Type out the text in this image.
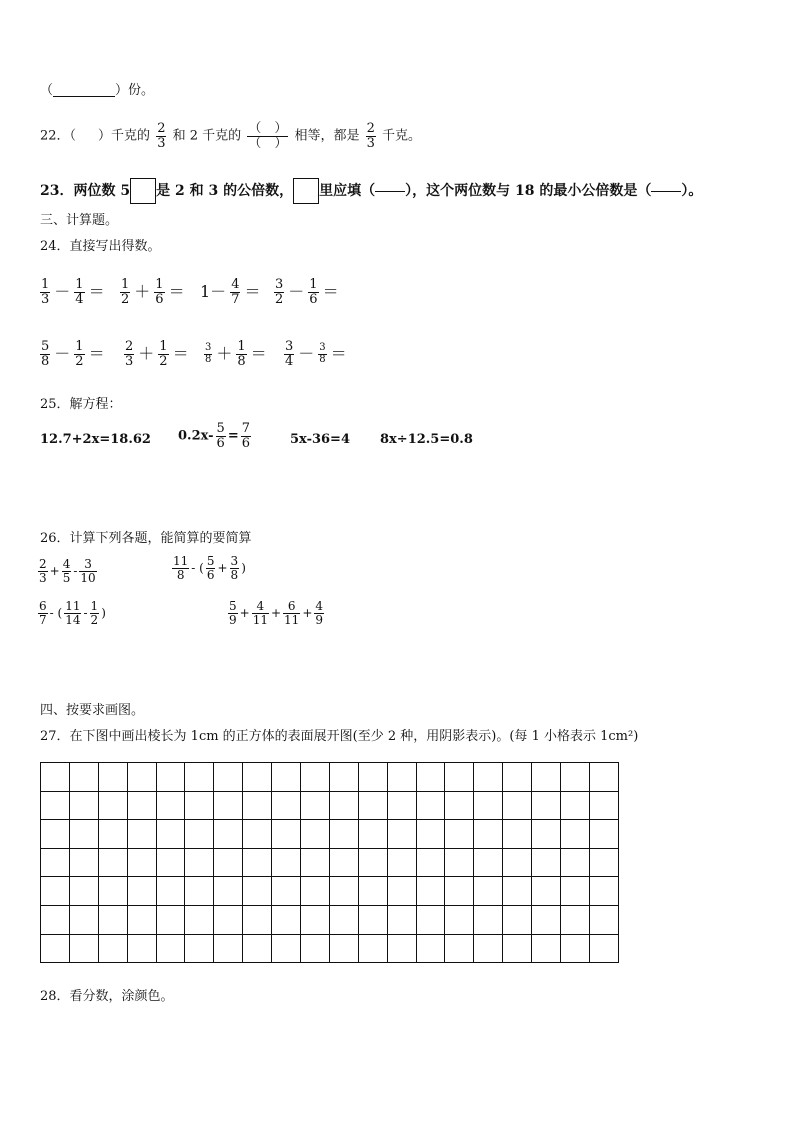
（	）份。
22．（ ）千克的 $\frac{2}{3}$ 和 2 千克的 $\frac{( )}{( )}$ 相等，都是 $\frac{2}{3}$ 千克。
23．两位数 5 是 2 和 3 的公倍数， 里应填（ ），这个两位数与 18 的最小公倍数是（ ）。
三、计算题。
24．直接写出得数。
$\frac{1}{3} - \frac{1}{4} = \frac{1}{2} + \frac{1}{6} = 1- \frac{4}{7} = \frac{3}{2} - \frac{1}{6}$ ＝
$\frac{5}{8} - \frac{1}{2} = \frac{2}{3} + \frac{1}{2} = \frac{3}{8} + \frac{1}{8} = \frac{3}{4} - \frac{3}{8}$ ＝
25．解方程：
12.7+2x=18.62 $0.2x- \frac{5}{6} = \frac{7}{6}$	5x-36=4 8x÷12.5=0.8
26．计算下列各题，能简算的要简算
$\frac{2}{3} + \frac{4}{5} - \frac{3}{10}$	$\frac{11}{8}$ - ( $\frac{5}{6} + \frac{3}{8}$ )
$\frac{6}{7}$ - ( $\frac{11}{14} - \frac{1}{2}$ )	$\frac{5}{9} + \frac{4}{11} + \frac{6}{11} + \frac{4}{9}$
四、按要求画图。
27．在下图中画出棱长为 1cm 的正方体的表面展开图(至少 2 种，用阴影表示)。(每 1 小格表示 1cm²)
28．看分数，涂颜色。
